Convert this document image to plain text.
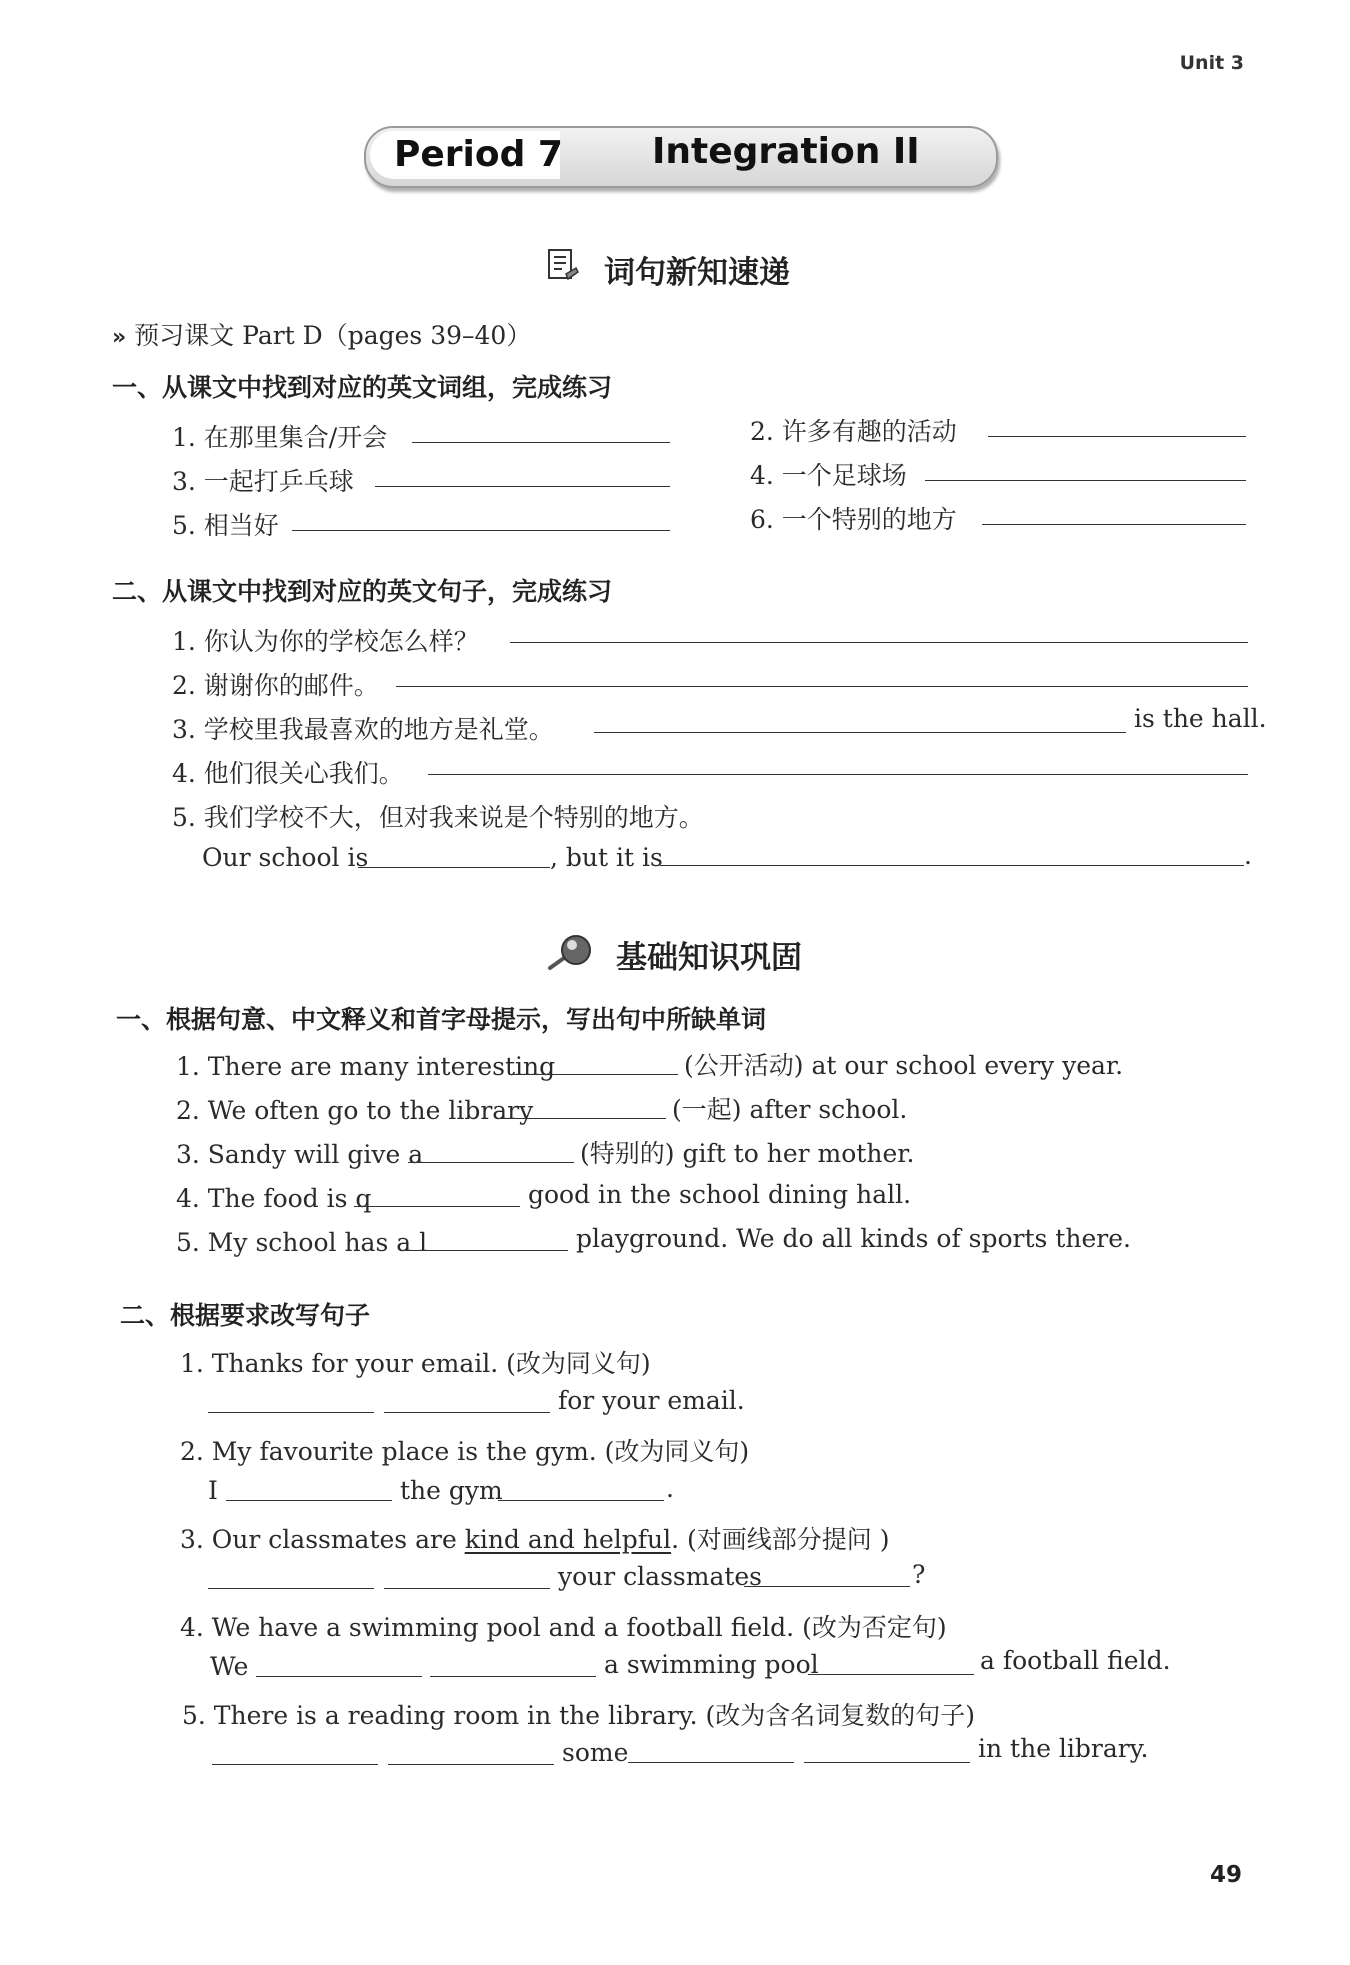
Unit 3
Period 7 Integration II
词句新知速递
» 预习课文 Part D（pages 39–40）
一、从课文中找到对应的英文词组，完成练习
1. 在那里集合/开会	2. 许多有趣的活动
3. 一起打乒乓球	4. 一个足球场
5. 相当好	6. 一个特别的地方
二、从课文中找到对应的英文句子，完成练习
1. 你认为你的学校怎么样？
2. 谢谢你的邮件。
3. 学校里我最喜欢的地方是礼堂。	is the hall.
4. 他们很关心我们。
5. 我们学校不大，但对我来说是个特别的地方。
Our school is	, but it is	.
基础知识巩固
一、根据句意、中文释义和首字母提示，写出句中所缺单词
1. There are many interesting	(公开活动) at our school every year.
2. We often go to the library	(一起) after school.
3. Sandy will give a	(特别的) gift to her mother.
4. The food is q	good in the school dining hall.
5. My school has a l	playground. We do all kinds of sports there.
二、根据要求改写句子
1. Thanks for your email. (改为同义句)
for your email.
2. My favourite place is the gym. (改为同义句)
I	the gym	.
3. Our classmates are kind and helpful. (对画线部分提问 )
your classmates	?
4. We have a swimming pool and a football field. (改为否定句)
We	a swimming pool	a football field.
5. There is a reading room in the library. (改为含名词复数的句子)
some	in the library.
49
